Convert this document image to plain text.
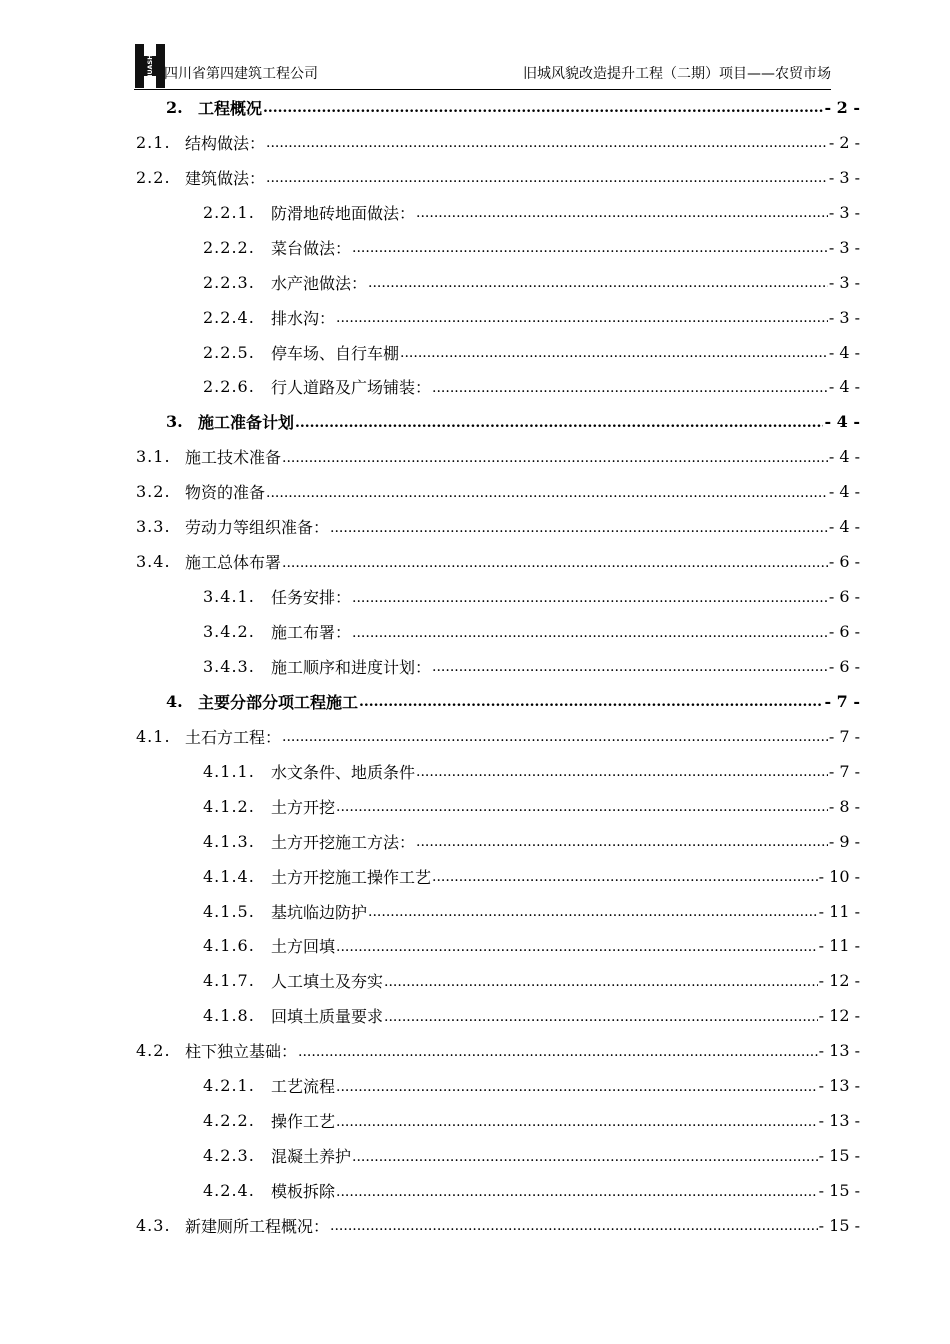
HUASHI 四川省第四建筑工程公司	旧城风貌改造提升工程（二期）项目——农贸市场
2. 工程概况 .....	- 2 -
2.1. 结构做法： .....	- 2 -
2.2. 建筑做法： .....	- 3 -
2.2.1.	防滑地砖地面做法： .....	- 3 -
2.2.2.	菜台做法： .....	- 3 -
2.2.3.	水产池做法： .....	- 3 -
2.2.4.	排水沟： .....	- 3 -
2.2.5.	停车场、自行车棚 .....	- 4 -
2.2.6.	行人道路及广场铺装： .....	- 4 -
3. 施工准备计划 .....	- 4 -
3.1. 施工技术准备 .....	- 4 -
3.2. 物资的准备 .....	- 4 -
3.3. 劳动力等组织准备： .....	- 4 -
3.4. 施工总体布署 .....	- 6 -
3.4.1.	任务安排： .....	- 6 -
3.4.2.	施工布署： .....	- 6 -
3.4.3.	施工顺序和进度计划： .....	- 6 -
4. 主要分部分项工程施工 .....	- 7 -
4.1. 土石方工程： .....	- 7 -
4.1.1.	水文条件、地质条件 .....	- 7 -
4.1.2.	土方开挖 .....	- 8 -
4.1.3.	土方开挖施工方法： .....	- 9 -
4.1.4.	土方开挖施工操作工艺 .....	- 10 -
4.1.5.	基坑临边防护 .....	- 11 -
4.1.6.	土方回填 .....	- 11 -
4.1.7.	人工填土及夯实 .....	- 12 -
4.1.8.	回填土质量要求 .....	- 12 -
4.2. 柱下独立基础： .....	- 13 -
4.2.1.	工艺流程 .....	- 13 -
4.2.2.	操作工艺 .....	- 13 -
4.2.3.	混凝土养护 .....	- 15 -
4.2.4.	模板拆除 .....	- 15 -
4.3. 新建厕所工程概况： .....	- 15 -
